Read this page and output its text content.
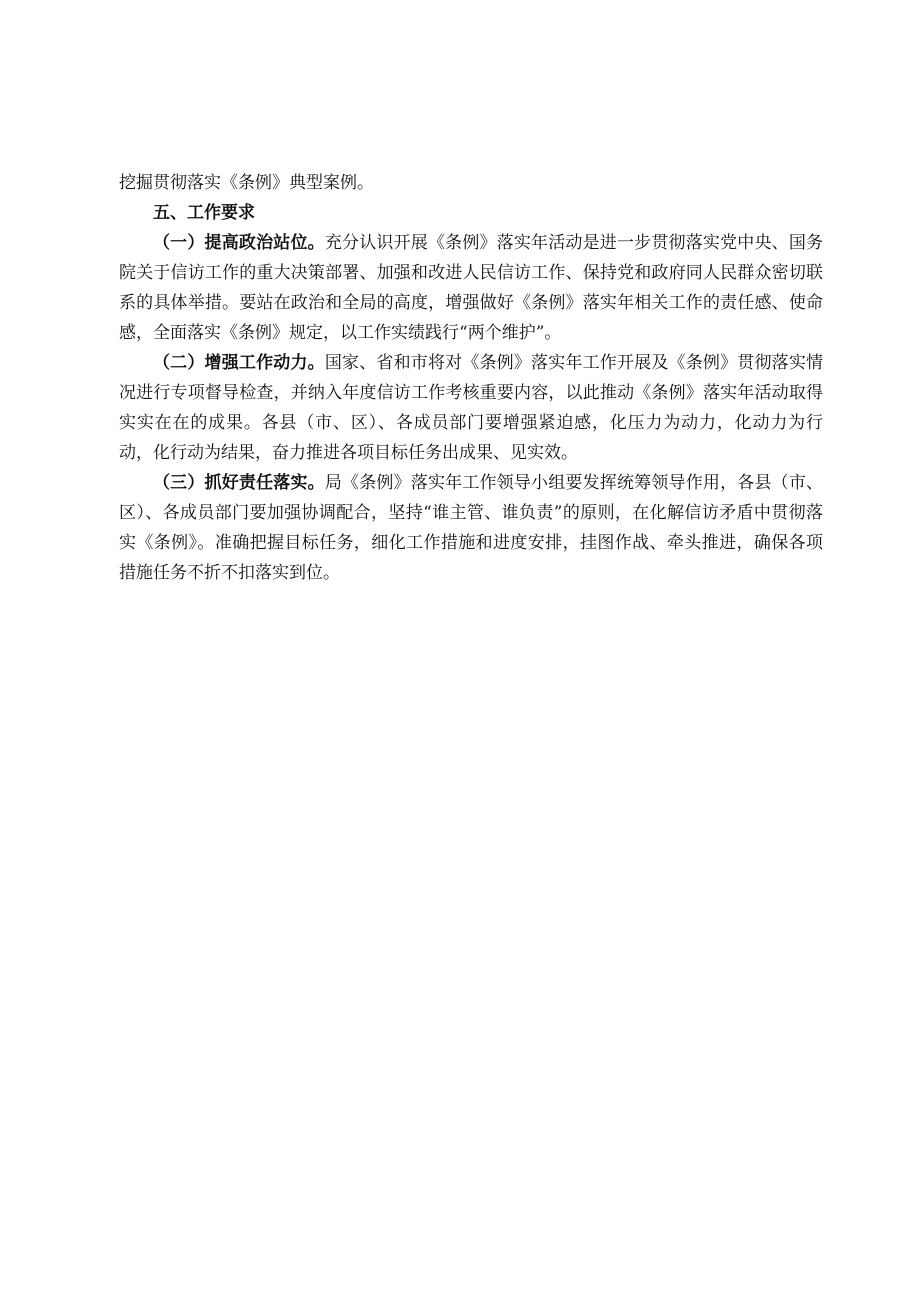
挖掘贯彻落实《条例》典型案例。

五、工作要求

（一）提高政治站位。充分认识开展《条例》落实年活动是进一步贯彻落实党中央、国务院关于信访工作的重大决策部署、加强和改进人民信访工作、保持党和政府同人民群众密切联系的具体举措。要站在政治和全局的高度，增强做好《条例》落实年相关工作的责任感、使命感，全面落实《条例》规定，以工作实绩践行“两个维护”。

（二）增强工作动力。国家、省和市将对《条例》落实年工作开展及《条例》贯彻落实情况进行专项督导检查，并纳入年度信访工作考核重要内容，以此推动《条例》落实年活动取得实实在在的成果。各县（市、区）、各成员部门要增强紧迫感，化压力为动力，化动力为行动，化行动为结果，奋力推进各项目标任务出成果、见实效。

（三）抓好责任落实。局《条例》落实年工作领导小组要发挥统筹领导作用，各县（市、区）、各成员部门要加强协调配合，坚持“谁主管、谁负责”的原则，在化解信访矛盾中贯彻落实《条例》。准确把握目标任务，细化工作措施和进度安排，挂图作战、牵头推进，确保各项措施任务不折不扣落实到位。
